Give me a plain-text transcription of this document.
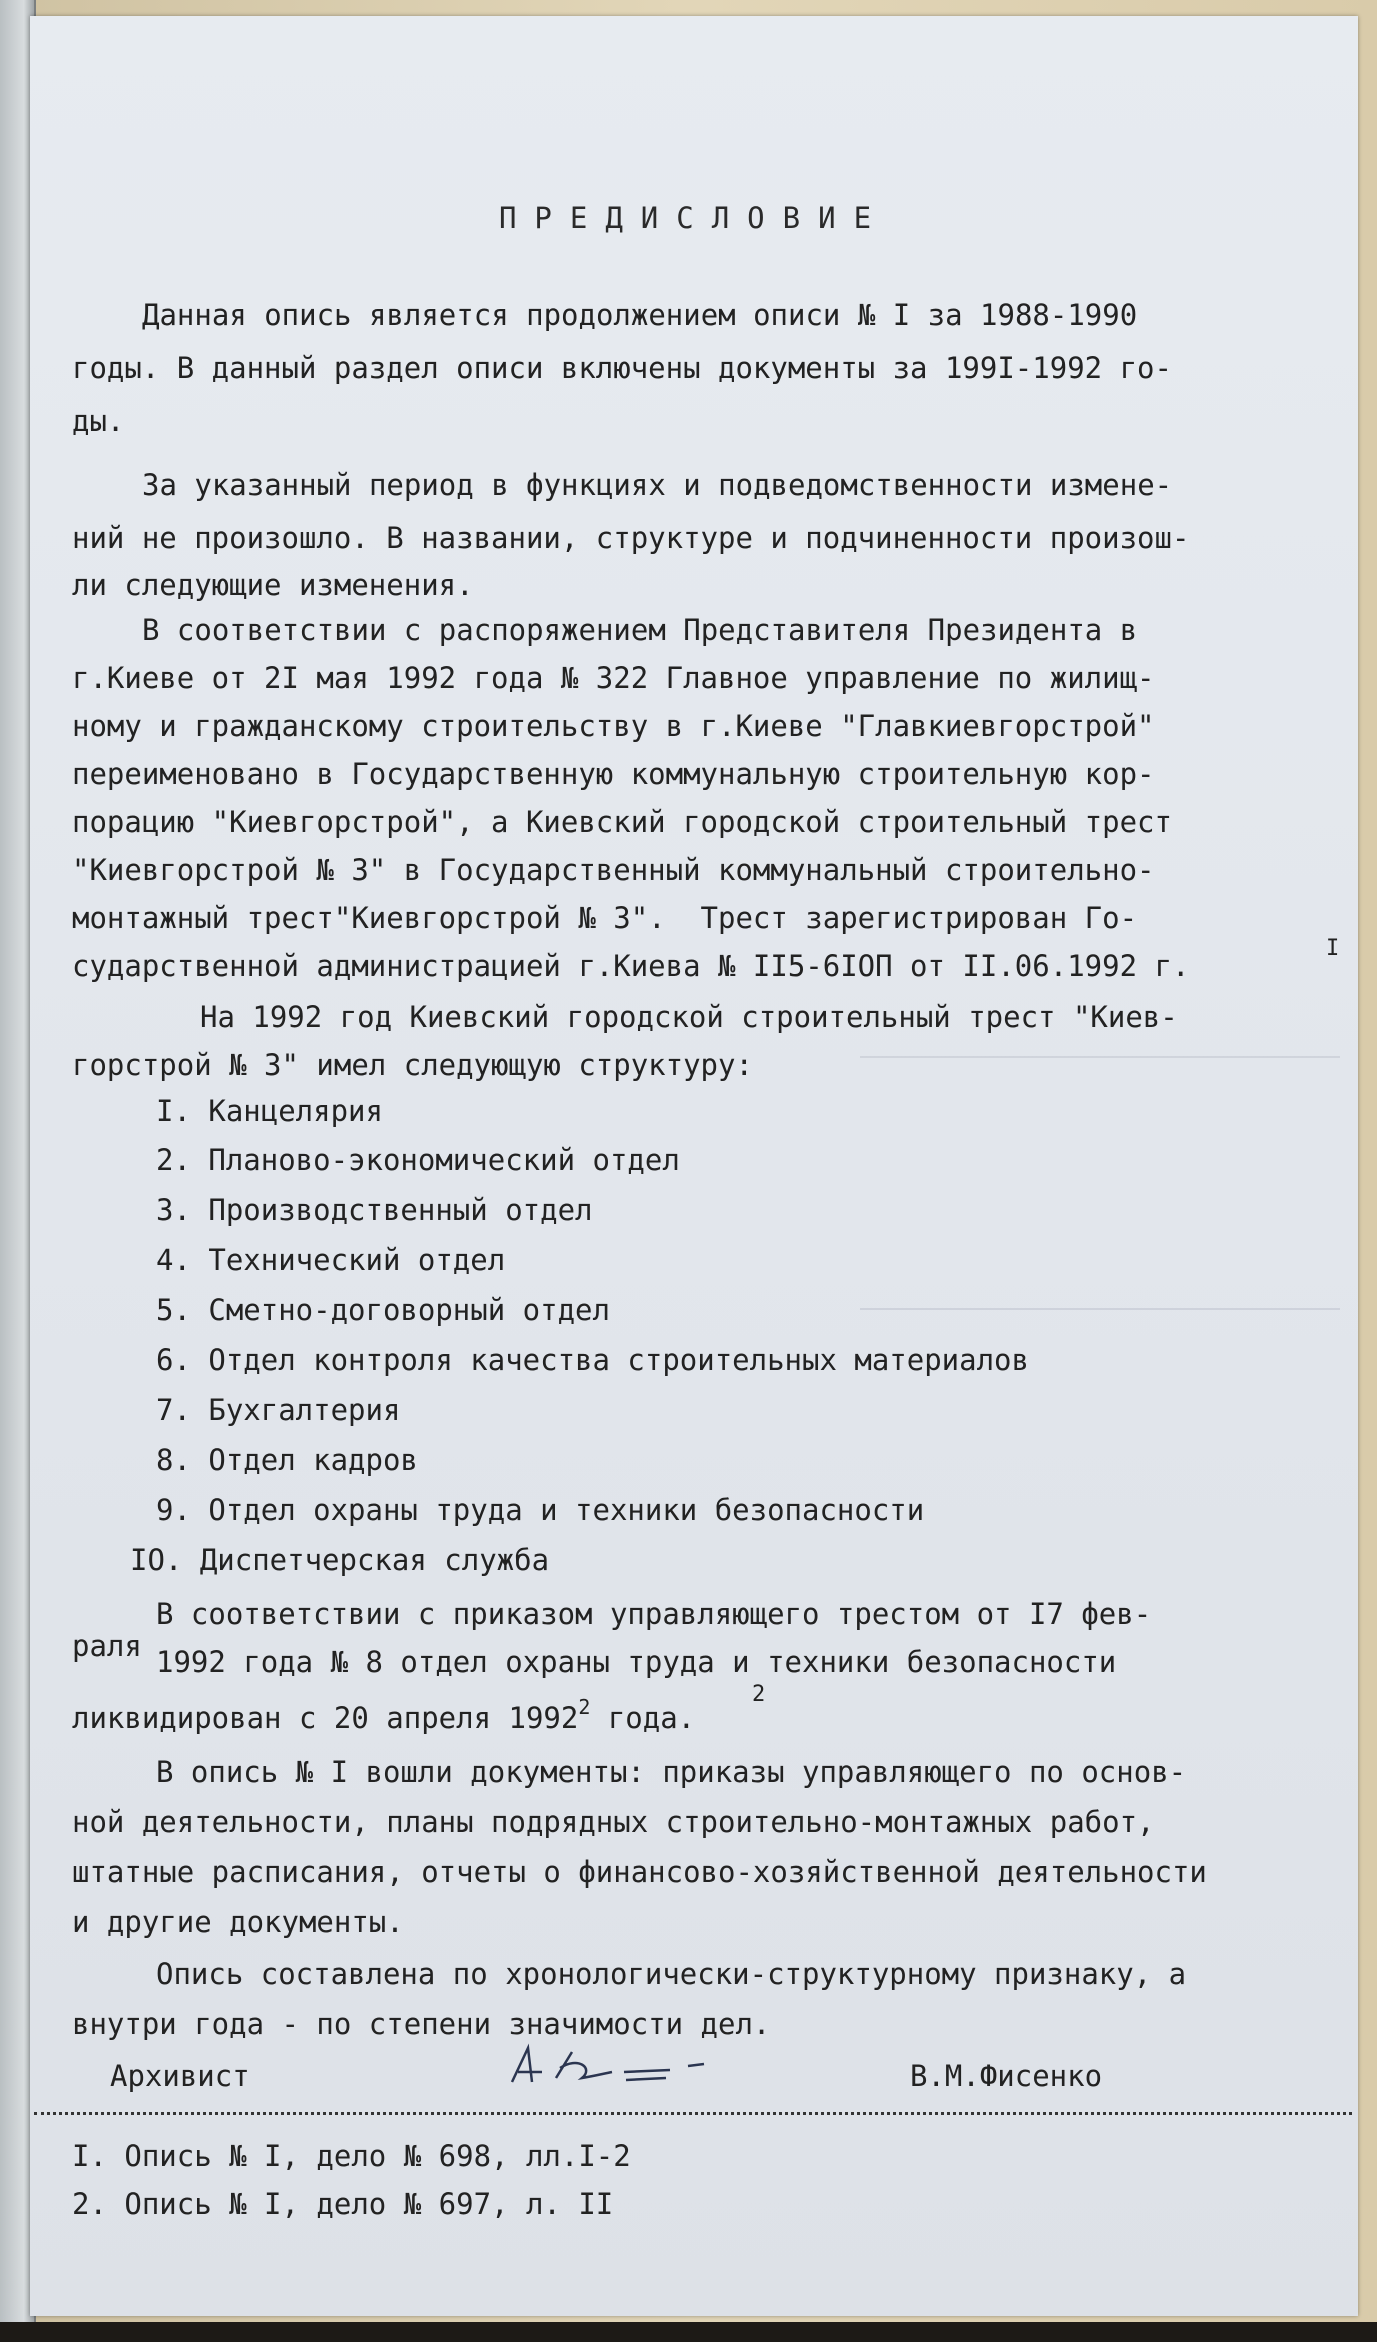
ПРЕДИСЛОВИЕ
Данная опись является продолжением описи № I за 1988-1990
годы. В данный раздел описи включены документы за 199I-1992 го-
ды.
За указанный период в функциях и подведомственности измене-
ний не произошло. В названии, структуре и подчиненности произош-
ли следующие изменения.
В соответствии с распоряжением Представителя Президента в
г.Киеве от 2I мая 1992 года № 322 Главное управление по жилищ-
ному и гражданскому строительству в г.Киеве "Главкиевгорстрой"
переименовано в Государственную коммунальную строительную кор-
порацию "Киевгорстрой", а Киевский городской строительный трест
"Киевгорстрой № 3" в Государственный коммунальный строительно-
монтажный трест"Киевгорстрой № 3".  Трест зарегистрирован Го-
сударственной администрацией г.Киева № II5-6IОП от II.06.1992 г.
I
На 1992 год Киевский городской строительный трест "Киев-
горстрой № 3" имел следующую структуру:
I. Канцелярия
2. Планово-экономический отдел
3. Производственный отдел
4. Технический отдел
5. Сметно-договорный отдел
6. Отдел контроля качества строительных материалов
7. Бухгалтерия
8. Отдел кадров
9. Отдел охраны труда и техники безопасности
IO. Диспетчерская служба
В соответствии с приказом управляющего трестом от I7 фев-
раля 1992 года № 8 отдел охраны труда и техники безопасности
ликвидирован с 20 апреля 1992$^2$ года.
2
В опись № I вошли документы: приказы управляющего по основ-
ной деятельности, планы подрядных строительно-монтажных работ,
штатные расписания, отчеты о финансово-хозяйственной деятельности
и другие документы.
Опись составлена по хронологически-структурному признаку, а
внутри года - по степени значимости дел.
Архивист	В.М.Фисенко
I. Опись № I, дело № 698, лл.I-2
2. Опись № I, дело № 697, л. II
